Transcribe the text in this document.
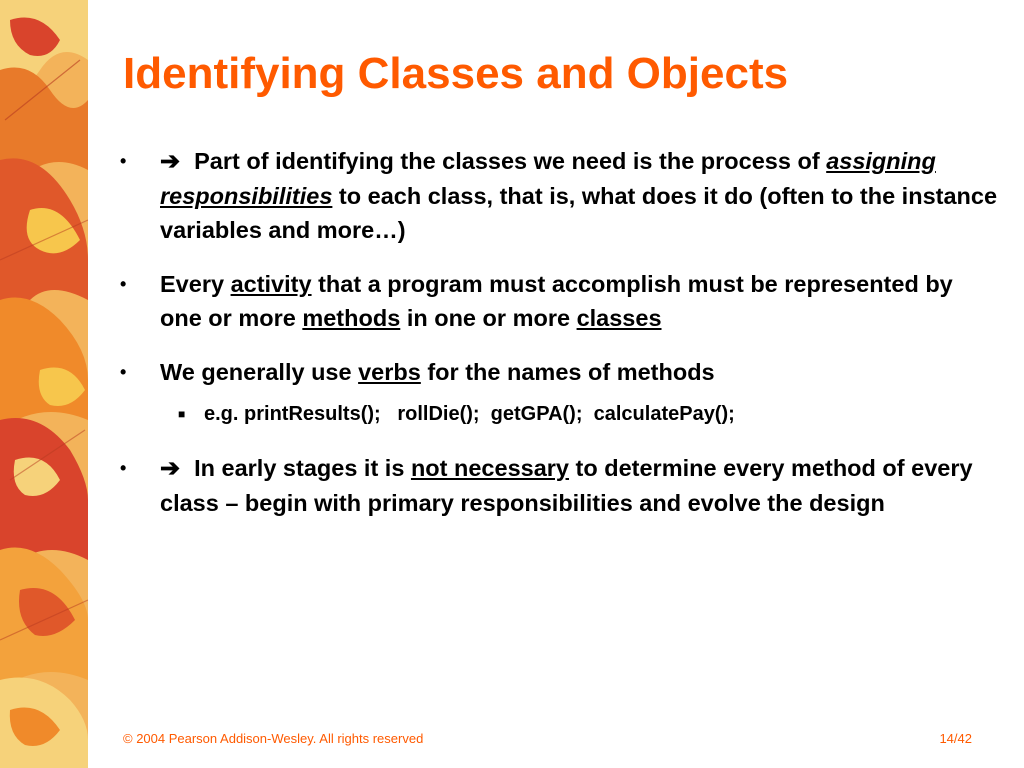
Identifying Classes and Objects
• ➔ Part of identifying the classes we need is the process of assigning responsibilities to each class, that is, what does it do (often to the instance variables and more…)
• Every activity that a program must accomplish must be represented by one or more methods in one or more classes
• We generally use verbs for the names of methods
■ e.g. printResults();   rollDie();  getGPA();  calculatePay();
• ➔ In early stages it is not necessary to determine every method of every class – begin with primary responsibilities and evolve the design
© 2004 Pearson Addison-Wesley. All rights reserved	14/42
